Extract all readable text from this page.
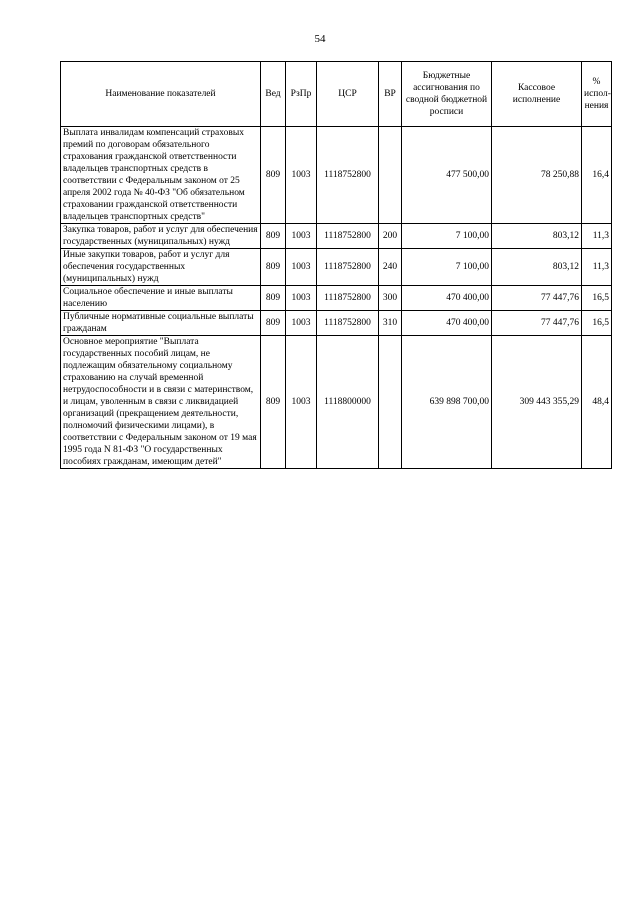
54
Наименование показателей	Вед	РзПр	ЦСР	ВР	Бюджетные ассигнования по сводной бюджетной росписи	Кассовое исполнение	% испол-нения
Выплата инвалидам компенсаций страховых премий по договорам обязательного страхования гражданской ответственности владельцев транспортных средств в соответствии с Федеральным законом от 25 апреля 2002 года № 40-ФЗ "Об обязательном страховании гражданской ответственности владельцев транспортных средств"	809	1003	1118752800		477 500,00	78 250,88	16,4
Закупка товаров, работ и услуг для обеспечения государственных (муниципальных) нужд	809	1003	1118752800	200	7 100,00	803,12	11,3
Иные закупки товаров, работ и услуг для обеспечения государственных (муниципальных) нужд	809	1003	1118752800	240	7 100,00	803,12	11,3
Социальное обеспечение и иные выплаты населению	809	1003	1118752800	300	470 400,00	77 447,76	16,5
Публичные нормативные социальные выплаты гражданам	809	1003	1118752800	310	470 400,00	77 447,76	16,5
Основное мероприятие "Выплата государственных пособий лицам, не подлежащим обязательному социальному страхованию на случай временной нетрудоспособности и в связи с материнством, и лицам, уволенным в связи с ликвидацией организаций (прекращением деятельности, полномочий физическими лицами), в соответствии с Федеральным законом от 19 мая 1995 года N 81-ФЗ "О государственных пособиях гражданам, имеющим детей"	809	1003	1118800000		639 898 700,00	309 443 355,29	48,4
